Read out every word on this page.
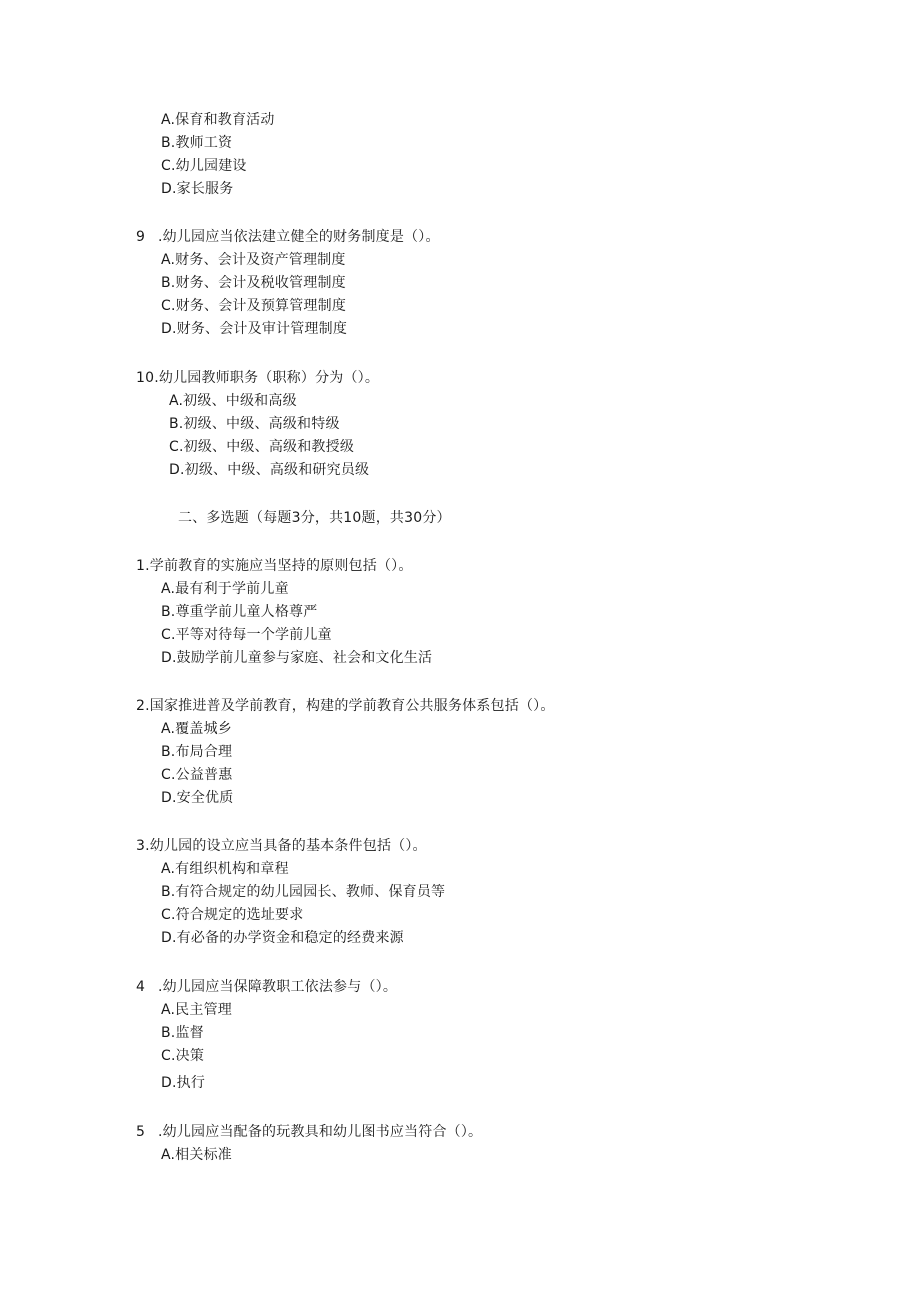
A.保育和教育活动
B.教师工资
C.幼儿园建设
D.家长服务
9 .幼儿园应当依法建立健全的财务制度是（）。
A.财务、会计及资产管理制度
B.财务、会计及税收管理制度
C.财务、会计及预算管理制度
D.财务、会计及审计管理制度
10.幼儿园教师职务（职称）分为（）。
A.初级、中级和高级
B.初级、中级、高级和特级
C.初级、中级、高级和教授级
D.初级、中级、高级和研究员级
二、多选题（每题3分，共10题，共30分）
1.学前教育的实施应当坚持的原则包括（）。
A.最有利于学前儿童
B.尊重学前儿童人格尊严
C.平等对待每一个学前儿童
D.鼓励学前儿童参与家庭、社会和文化生活
2.国家推进普及学前教育，构建的学前教育公共服务体系包括（）。
A.覆盖城乡
B.布局合理
C.公益普惠
D.安全优质
3.幼儿园的设立应当具备的基本条件包括（）。
A.有组织机构和章程
B.有符合规定的幼儿园园长、教师、保育员等
C.符合规定的选址要求
D.有必备的办学资金和稳定的经费来源
4 .幼儿园应当保障教职工依法参与（）。
A.民主管理
B.监督
C.决策
D.执行
5 .幼儿园应当配备的玩教具和幼儿图书应当符合（）。
A.相关标准
